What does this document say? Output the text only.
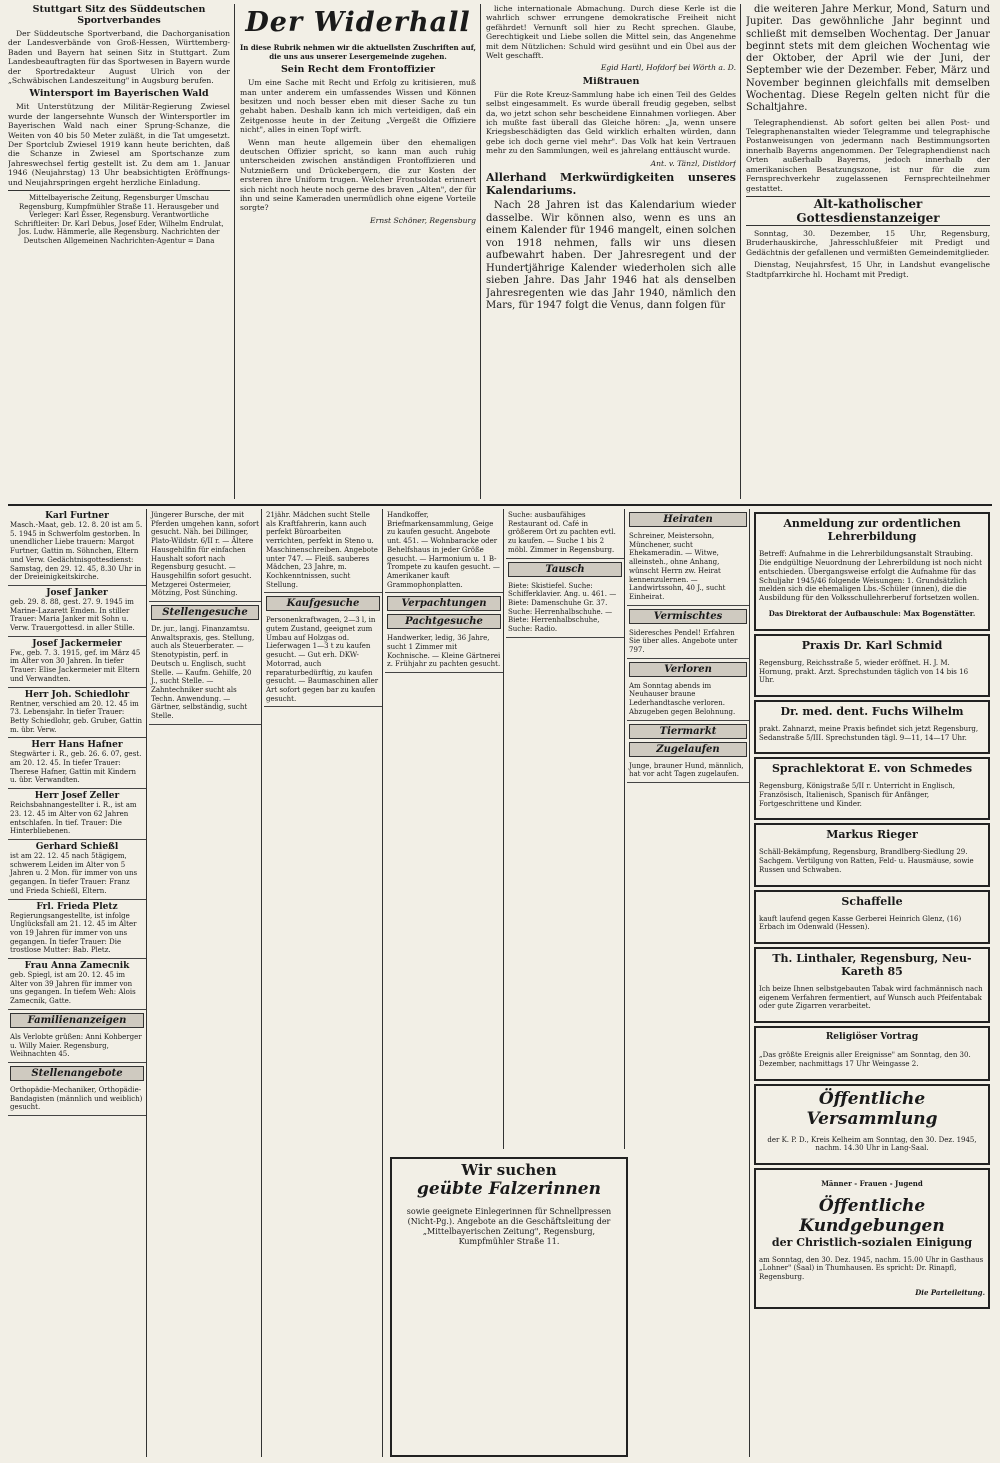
Stuttgart Sitz des Süddeutschen Sportverbandes

Der Süddeutsche Sportverband, die Dachorganisation der Landesverbände von Groß-Hessen, Württemberg-Baden und Bayern hat seinen Sitz in Stuttgart. Zum Landesbeauftragten für das Sportwesen in Bayern wurde der Sportredakteur August Ulrich von der „Schwäbischen Landeszeitung" in Augsburg berufen.

Wintersport im Bayerischen Wald

Mit Unterstützung der Militär-Regierung Zwiesel wurde der langersehnte Wunsch der Wintersportler im Bayerischen Wald nach einer Sprung-Schanze, die Weiten von 40 bis 50 Meter zuläßt, in die Tat umgesetzt. Der Sportclub Zwiesel 1919 kann heute berichten, daß die Schanze in Zwiesel am Sportschanze zum Jahreswechsel fertig gestellt ist. Zu dem am 1. Januar 1946 (Neujahrstag) 13 Uhr beabsichtigten Eröffnungs- und Neujahrspringen ergeht herzliche Einladung.

Mittelbayerische Zeitung, Regensburger Umschau Regensburg, Kumpfmühler Straße 11. Herausgeber und Verleger: Karl Esser, Regensburg. Verantwortliche Schriftleiter: Dr. Karl Debus, Josef Eder, Wilhelm Endrulat, Jos. Ludw. Hämmerle, alle Regensburg. Nachrichten der Deutschen Allgemeinen Nachrichten-Agentur = Dana

Der Widerhall

In diese Rubrik nehmen wir die aktuellsten Zuschriften auf, die uns aus unserer Lesergemeinde zugehen.

Sein Recht dem Frontoffizier

Um eine Sache mit Recht und Erfolg zu kritisieren, muß man unter anderem ein umfassendes Wissen und Können besitzen und noch besser eben mit dieser Sache zu tun gehabt haben. Deshalb kann ich mich verteidigen, daß ein Zeitgenosse heute in der Zeitung „Vergeßt die Offiziere nicht", alles in einen Topf wirft.

Wenn man heute allgemein über den ehemaligen deutschen Offizier spricht, so kann man auch ruhig unterscheiden zwischen anständigen Frontoffizieren und Nutznießern und Drückebergern, die zur Kosten der ersteren ihre Uniform trugen. Welcher Frontsoldat erinnert sich nicht noch heute noch gerne des braven „Alten", der für ihn und seine Kameraden unermüdlich ohne eigene Vorteile sorgte?

Ernst Schöner, Regensburg

liche internationale Abmachung. Durch diese Kerle ist die wahrlich schwer errungene demokratische Freiheit nicht gefährdet! Vernunft soll hier zu Recht sprechen. Glaube, Gerechtigkeit und Liebe sollen die Mittel sein, das Angenehme mit dem Nützlichen: Schuld wird gesühnt und ein Übel aus der Welt geschafft.

Egid Hartl, Hofdorf bei Wörth a. D.

Mißtrauen

Für die Rote Kreuz-Sammlung habe ich einen Teil des Geldes selbst eingesammelt. Es wurde überall freudig gegeben, selbst da, wo jetzt schon sehr bescheidene Einnahmen vorliegen. Aber ich mußte fast überall das Gleiche hören: „Ja, wenn unsere Kriegsbeschädigten das Geld wirklich erhalten würden, dann gebe ich doch gerne viel mehr". Das Volk hat kein Vertrauen mehr zu den Sammlungen, weil es jahrelang enttäuscht wurde.

Ant. v. Tänzl, Distldorf

Allerhand Merkwürdigkeiten unseres Kalendariums.

Nach 28 Jahren ist das Kalendarium wieder dasselbe. Wir können also, wenn es uns an einem Kalender für 1946 mangelt, einen solchen von 1918 nehmen, falls wir uns diesen aufbewahrt haben. Der Jahresregent und der Hundertjährige Kalender wiederholen sich alle sieben Jahre. Das Jahr 1946 hat als denselben Jahresregenten wie das Jahr 1940, nämlich den Mars, für 1947 folgt die Venus, dann folgen für

die weiteren Jahre Merkur, Mond, Saturn und Jupiter. Das gewöhnliche Jahr beginnt und schließt mit demselben Wochentag. Der Januar beginnt stets mit dem gleichen Wochentag wie der Oktober, der April wie der Juni, der September wie der Dezember. Feber, März und November beginnen gleichfalls mit demselben Wochentag. Diese Regeln gelten nicht für die Schaltjahre.

Telegraphendienst. Ab sofort gelten bei allen Post- und Telegraphenanstalten wieder Telegramme und telegraphische Postanweisungen von jedermann nach Bestimmungsorten innerhalb Bayerns angenommen. Der Telegraphendienst nach Orten außerhalb Bayerns, jedoch innerhalb der amerikanischen Besatzungszone, ist nur für die zum Fernsprechverkehr zugelassenen Fernsprechteilnehmer gestattet.

Alt-katholischer Gottesdienstanzeiger

Sonntag, 30. Dezember, 15 Uhr, Regensburg, Bruderhauskirche, Jahresschlußfeier mit Predigt und Gedächtnis der gefallenen und vermißten Gemeindemitglieder.

Dienstag, Neujahrsfest, 15 Uhr, in Landshut evangelische Stadtpfarrkirche hl. Hochamt mit Predigt.

Karl Furtner

Masch.-Maat, geb. 12. 8. 20 ist am 5. 5. 1945 in Schwerfolm gestorben. In unendlicher Liebe trauern: Margot Furtner, Gattin m. Söhnchen, Eltern und Verw. Gedächtnisgottesdienst: Samstag, den 29. 12. 45, 8.30 Uhr in der Dreieinigkeitskirche.

Josef Janker

geb. 29. 8. 88, gest. 27. 9. 1945 im Marine-Lazarett Emden. In stiller Trauer: Maria Janker mit Sohn u. Verw. Trauergottesd. in aller Stille.

Josef Jackermeier

Fw., geb. 7. 3. 1915, gef. im März 45 im Alter von 30 Jahren. In tiefer Trauer: Elise Jackermeier mit Eltern und Verwandten.

Herr Joh. Schiedlohr

Rentner, verschied am 20. 12. 45 im 73. Lebensjahr. In tiefer Trauer: Betty Schiedlohr, geb. Gruber, Gattin m. übr. Verw.

Herr Hans Hafner

Stegwärter i. R., geb. 26. 6. 07, gest. am 20. 12. 45. In tiefer Trauer: Therese Hafner, Gattin mit Kindern u. übr. Verwandten.

Herr Josef Zeller

Reichsbahnangestellter i. R., ist am 23. 12. 45 im Alter von 62 Jahren entschlafen. In tief. Trauer: Die Hinterbliebenen.

Gerhard Schießl

ist am 22. 12. 45 nach 5tägigem, schwerem Leiden im Alter von 5 Jahren u. 2 Mon. für immer von uns gegangen. In tiefer Trauer: Franz und Frieda Schießl, Eltern.

Frl. Frieda Pletz

Regierungsangestellte, ist infolge Unglücksfall am 21. 12. 45 im Alter von 19 Jahren für immer von uns gegangen. In tiefer Trauer: Die trostlose Mutter: Bab. Pletz.

Frau Anna Zamecnik

geb. Spiegl, ist am 20. 12. 45 im Alter von 39 Jahren für immer von uns gegangen. In tiefem Weh: Alois Zamecnik, Gatte.

Familienanzeigen
Als Verlobte grüßen: Anni Kohberger u. Willy Maier. Regensburg, Weihnachten 45.
Stellenangebote
Orthopädie-Mechaniker, Orthopädie-Bandagisten (männlich und weiblich) gesucht.
Jüngerer Bursche, der mit Pferden umgehen kann, sofort gesucht. Näh. bei Dillinger, Plato-Wildstr. 6/II r. — Ältere Hausgehilfin für einfachen Haushalt sofort nach Regensburg gesucht. — Hausgehilfin sofort gesucht. Metzgerei Ostermeier, Mötzing, Post Sünching.
Stellengesuche
Dr. jur., langj. Finanzamtsu. Anwaltspraxis, ges. Stellung, auch als Steuerberater. — Stenotypistin, perf. in Deutsch u. Englisch, sucht Stelle. — Kaufm. Gehilfe, 20 J., sucht Stelle. — Zahntechniker sucht als Techn. Anwendung. — Gärtner, selbständig, sucht Stelle.
21jähr. Mädchen sucht Stelle als Kraftfahrerin, kann auch perfekt Büroarbeiten verrichten, perfekt in Steno u. Maschinenschreiben. Angebote unter 747. — Fleiß. sauberes Mädchen, 23 Jahre, m. Kochkenntnissen, sucht Stellung.
Kaufgesuche
Personenkraftwagen, 2—3 l, in gutem Zustand, geeignet zum Umbau auf Holzgas od. Lieferwagen 1—3 t zu kaufen gesucht. — Gut erh. DKW-Motorrad, auch reparaturbedürftig, zu kaufen gesucht. — Baumaschinen aller Art sofort gegen bar zu kaufen gesucht.
Handkoffer, Briefmarkensammlung, Geige zu kaufen gesucht. Angebote unt. 451. — Wohnbaracke oder Behelfshaus in jeder Größe gesucht. — Harmonium u. 1 B-Trompete zu kaufen gesucht. — Amerikaner kauft Grammophonplatten.
Verpachtungen
Pachtgesuche
Handwerker, ledig, 36 Jahre, sucht 1 Zimmer mit Kochnische. — Kleine Gärtnerei z. Frühjahr zu pachten gesucht.
Suche: ausbaufähiges Restaurant od. Café in größerem Ort zu pachten evtl. zu kaufen. — Suche 1 bis 2 möbl. Zimmer in Regensburg.
Tausch
Biete: Skistiefel. Suche: Schifferklavier. Ang. u. 461. — Biete: Damenschuhe Gr. 37. Suche: Herrenhalbschuhe. — Biete: Herrenhalbschuhe, Suche: Radio.
Wir suchen
geübte Falzerinnen

sowie geeignete Einlegerinnen für Schnellpressen (Nicht-Pg.). Angebote an die Geschäftsleitung der „Mittelbayerischen Zeitung", Regensburg, Kumpfmühler Straße 11.

Heiraten
Schreiner, Meistersohn, Münchener, sucht Ehekameradin. — Witwe, alleinsteh., ohne Anhang, wünscht Herrn zw. Heirat kennenzulernen. — Landwirtssohn, 40 J., sucht Einheirat.
Vermischtes
Sideresches Pendel! Erfahren Sie über alles. Angebote unter 797.
Verloren
Am Sonntag abends im Neuhauser braune Lederhandtasche verloren. Abzugeben gegen Belohnung.
Tiermarkt
Zugelaufen
Junge, brauner Hund, männlich, hat vor acht Tagen zugelaufen.
Anmeldung zur ordentlichen Lehrerbildung

Betreff: Aufnahme in die Lehrerbildungsanstalt Straubing. Die endgültige Neuordnung der Lehrerbildung ist noch nicht entschieden. Übergangsweise erfolgt die Aufnahme für das Schuljahr 1945/46 folgende Weisungen: 1. Grundsätzlich melden sich die ehemaligen Lbs.-Schüler (innen), die die Ausbildung für den Volksschullehrerberuf fortsetzen wollen.

Das Direktorat der Aufbauschule: Max Bogenstätter.

Praxis Dr. Karl Schmid

Regensburg, Reichsstraße 5, wieder eröffnet. H. J. M. Hornung, prakt. Arzt. Sprechstunden täglich von 14 bis 16 Uhr.

Dr. med. dent. Fuchs Wilhelm

prakt. Zahnarzt, meine Praxis befindet sich jetzt Regensburg, Sedanstraße 5/III. Sprechstunden tägl. 9—11, 14—17 Uhr.

Sprachlektorat E. von Schmedes

Regensburg, Königstraße 5/II r. Unterricht in Englisch, Französisch, Italienisch, Spanisch für Anfänger, Fortgeschrittene und Kinder.

Markus Rieger

Schäll-Bekämpfung, Regensburg, Brandlberg-Siedlung 29. Sachgem. Vertilgung von Ratten, Feld- u. Hausmäuse, sowie Russen und Schwaben.

Schaffelle

kauft laufend gegen Kasse Gerberei Heinrich Glenz, (16) Erbach im Odenwald (Hessen).

Th. Linthaler, Regensburg, Neu-Kareth 85

Ich beize Ihnen selbstgebauten Tabak wird fachmännisch nach eigenem Verfahren fermentiert, auf Wunsch auch Pfeifentabak oder gute Zigarren verarbeitet.

Religiöser Vortrag

„Das größte Ereignis aller Ereignisse" am Sonntag, den 30. Dezember, nachmittags 17 Uhr Weingasse 2.

Öffentliche Versammlung

der K. P. D., Kreis Kelheim am Sonntag, den 30. Dez. 1945, nachm. 14.30 Uhr in Lang-Saal.

Männer - Frauen - Jugend

Öffentliche Kundgebungen
der Christlich-sozialen Einigung

am Sonntag, den 30. Dez. 1945, nachm. 15.00 Uhr in Gasthaus „Lohner" (Saal) in Thumhausen. Es spricht: Dr. Rinapfl, Regensburg.

Die Parteileitung.
